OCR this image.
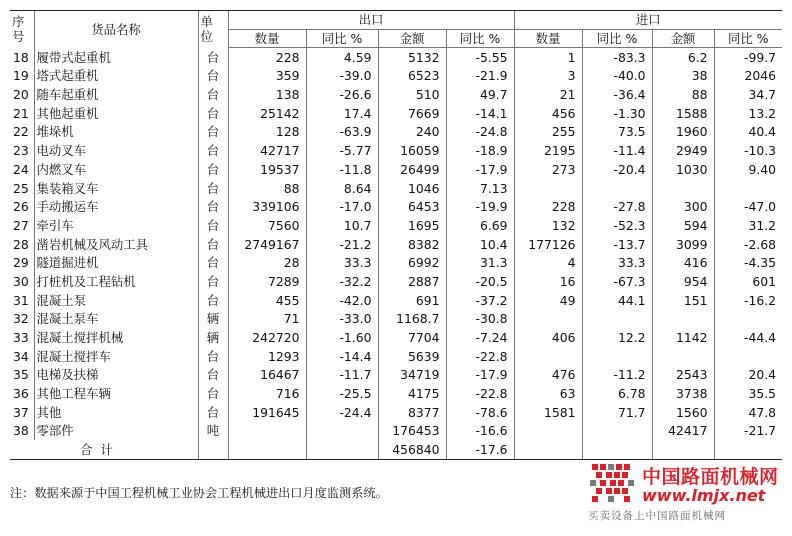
序号	货品名称	单位	出口				进口			
			数量	同比 %	金额	同比 %	数量	同比 %	金额	同比 %
18	履带式起重机	台	228	4.59	5132	-5.55	1	-83.3	6.2	-99.7
19	塔式起重机	台	359	-39.0	6523	-21.9	3	-40.0	38	2046
20	随车起重机	台	138	-26.6	510	49.7	21	-36.4	88	34.7
21	其他起重机	台	25142	17.4	7669	-14.1	456	-1.30	1588	13.2
22	堆垛机	台	128	-63.9	240	-24.8	255	73.5	1960	40.4
23	电动叉车	台	42717	-5.77	16059	-18.9	2195	-11.4	2949	-10.3
24	内燃叉车	台	19537	-11.8	26499	-17.9	273	-20.4	1030	9.40
25	集装箱叉车	台	88	8.64	1046	7.13				
26	手动搬运车	台	339106	-17.0	6453	-19.9	228	-27.8	300	-47.0
27	牵引车	台	7560	10.7	1695	6.69	132	-52.3	594	31.2
28	凿岩机械及风动工具	台	2749167	-21.2	8382	10.4	177126	-13.7	3099	-2.68
29	隧道掘进机	台	28	33.3	6992	31.3	4	33.3	416	-4.35
30	打桩机及工程钻机	台	7289	-32.2	2887	-20.5	16	-67.3	954	601
31	混凝土泵	台	455	-42.0	691	-37.2	49	44.1	151	-16.2
32	混凝土泵车	辆	71	-33.0	1168.7	-30.8				
33	混凝土搅拌机械	辆	242720	-1.60	7704	-7.24	406	12.2	1142	-44.4
34	混凝土搅拌车	台	1293	-14.4	5639	-22.8				
35	电梯及扶梯	台	16467	-11.7	34719	-17.9	476	-11.2	2543	20.4
36	其他工程车辆	台	716	-25.5	4175	-22.8	63	6.78	3738	35.5
37	其他	台	191645	-24.4	8377	-78.6	1581	71.7	1560	47.8
38	零部件	吨			176453	-16.6			42417	-21.7
合计					456840	-17.6				
注：数据来源于中国工程机械工业协会工程机械进出口月度监测系统。
中国路面机械网
www.lmjx.net
买卖设备上中国路面机械网
